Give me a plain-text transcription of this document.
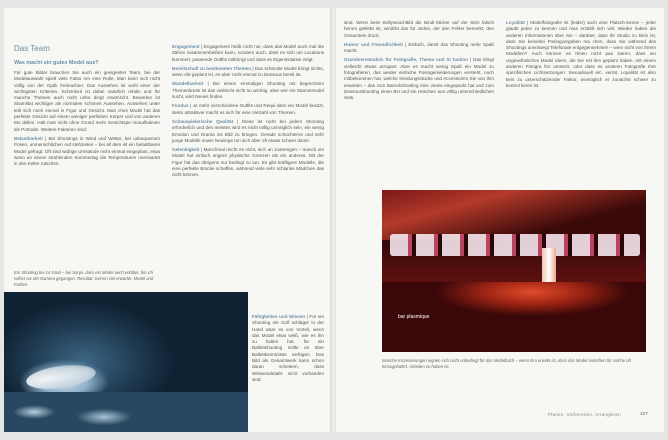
Das Team
Was macht ein gutes Model aus?

Für gute Bilder brauchen Sie auch ein geeignetes Team, bei der Modelauswahl spielt viele Fakto ren eine Rolle. Man kann sich nicht völlig von der Optik freimachen: Das Aussehen ist wohl einer der wichtigsten Kriterien. Schönheit ist dabei natürlich relativ und für manche Themen auch nicht unbe dingt erwünscht. Bewerten ist Skamlitat wichtiger als normales schönes Aussehen. Aussehen unter teilt sich noch einmal in Figur und Gesicht. Man ches Model hat das perfekte Gesicht auf einem weniger perfekten Körper und von anderen Mo dellen. Hält man nicht ohne Grund mehr Gesichtspe rsonalhaimen als Portraits. Weitere Faktoren sind:

Belastbarkeit | Bei Shootings in Wind und Wetter, bei unbequemen Posen, unmenschlichen Auf stehzeiten – bei all dem ist ein belastbares Model gefragt. Oft sind widrige Umstände nicht einmal eingeplant, etwa wenn an einem strahlenden Sommertag die Temperaturen unerwartet in den Keller rutschen.

Ein Shooting bei 14 Grad – bei Sonja, dass ein Model auch erkälter, bin ich selbst vor der Kamera gegangen. Resultat: extrem viel erwartet. Model und Farben.

Engagement | Engagement heißt nicht nur, dass das Model auch mal die Zähne zusammenbeißen kann, sondern auch, dass es sich um Locations kümmert, passende Outfits mitbringt und dass es Eigeninitiative zeigt.

Bereitschaft zu bestimmten Themen | Das schönste Model bringt nichts, wenn Akt geplant ist, es aber nicht einmal zu Dessous bereit ist.

Wandelbarkeit | Bei einem einmaligen Shooting mit begrenztem Themenbreite ist das vielleicht nicht so wichtig, aber wer ein Stammmodel sucht, wird Neues finden.

Fundus | Je mehr verschiedene Outfits und Requi siten ein Model besitzt, desto attraktiver macht es sich für eine Vielzahl von Themen.

Schauspielerische Qualität | Diese ist nicht bei jedem Shooting erforderlich und den meisten wird es nicht völlig unmöglich sein, ein wenig Emotion und Drama ins Bild zu bringen. Gerade schüchterne und sehr junge Modelle sowie Neulinge tun sich aber oft etwas schwer damit.

Gelenkigkeit | Manchmal reicht es nicht, sich an zustrengen – manch ein Model hat einfach engere physische Grenzen als ein anderes. Mit der Figur hat das übrigens nur bedingt zu tun. Es gibt kräftigere Modelle, die eine perfekte Brücke schaffen, während viele sehr schlanke Mädchen das nicht können.

Fähigkeiten und Wissen | Für ein Shooting mit Golf schläger in der Hand wäre es von Vorteil, wenn das Model etwa weiß, wie es ihn zu halten hat, für ein Ballettshooting sollte es über Ballettkenntnisse verfügen. Das Bild als Gesamtwerk kann schon daran scheitern, dass Wissensdetails nicht vorhanden sind.

sind. Wenn beim Bollywood-Bild die Bindi-Sticker auf der Stirn falsch herum geklebt ist, verdirbt das für Jeden, der den Fehler bemerkt, den Gesamtein druck.

Humor und Freundlichkeit | Einfach, damit das Shooting mehr Spaß macht.

Grundverständnis für Fotografie, Thema und Si tuation | Das klingt vielleicht etwas arrogant. Aber es macht wenig Spaß ein Model zu fotografieren, das wieder einfache Posingerweiterungen versteht, noch mitbekommen hat, welche Kleidungsstücke und Accessoires Sie von ihm erwarten – das zum Barockshooting eine Jeans eingepackt hat und zum Dessousshooting einen BH und ein Höschen aus völlig unterschiedlichen Sets.

Loyalität | Modelfotografie ist (leider) auch eine Flatsch-Szene – jeder glaubt jeden zu kennen und man erzählt sich viel. Wieder haben die anderen Informationen über Sie – darüber, dass Ihr Studio zu klein ist, dass Sie keinerlei Posingvorgaben ma chen, dass Sie während des Shootings unentwegt Telefonate entgegennehmen – wem nicht von Ihrem Modellen? Auch können es Ihnen nicht pas sieren, dass ein ungewöhnliches Model ideen, die Sie mit ihm geplant haben, mit einem anderen Fotogra fen umsetzt, oder dass es anderen Fotografie Ihre spezifischen Lichtsetzungen: Sexualisuell etc. verrät. Loyalität ist also kein zu unterschätzender Faktor, womöglich er zunächst schwer zu kontrol lieren ist.

bar plasmique
Manche Inszenierungen eignen sich nicht unbedingt für das Modelbuch – wenn ihm erwirkt ist, dass das Model zwischen für solche oft hinzugehaltet. Arbeiten zu haben ist.
Planen, Vorbereiten, Arrangieren	107
